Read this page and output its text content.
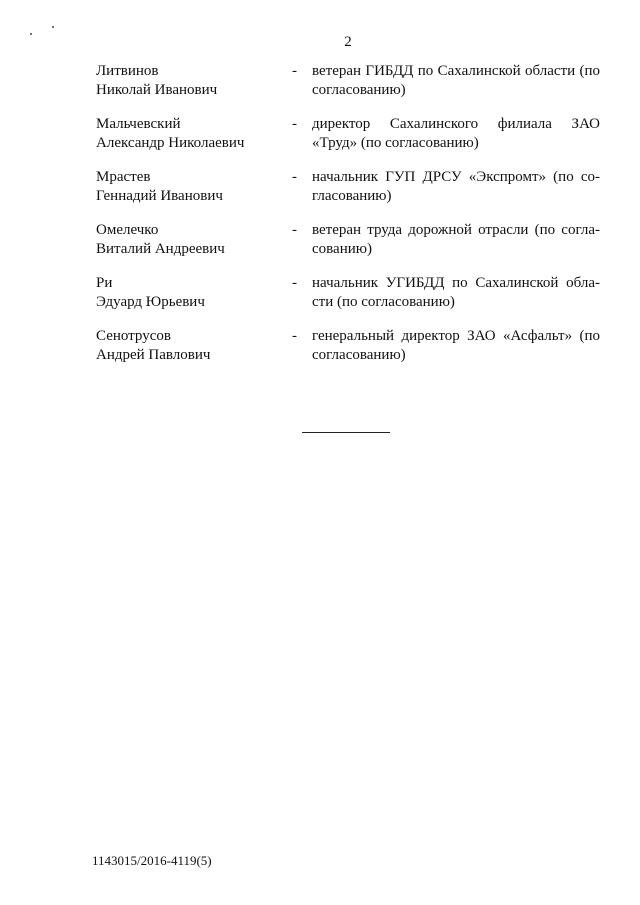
2
Литвинов
Николай Иванович
- ветеран ГИБДД по Сахалинской области (по согласованию)

Мальчевский
Александр Николаевич
- директор Сахалинского филиала ЗАО «Труд» (по согласованию)

Мрастев
Геннадий Иванович
- начальник ГУП ДРСУ «Экспромт» (по согласованию)

Омелечко
Виталий Андреевич
- ветеран труда дорожной отрасли (по согласованию)

Ри
Эдуард Юрьевич
- начальник УГИБДД по Сахалинской области (по согласованию)

Сенотрусов
Андрей Павлович
- генеральный директор ЗАО «Асфальт» (по согласованию)

1143015/2016-4119(5)
